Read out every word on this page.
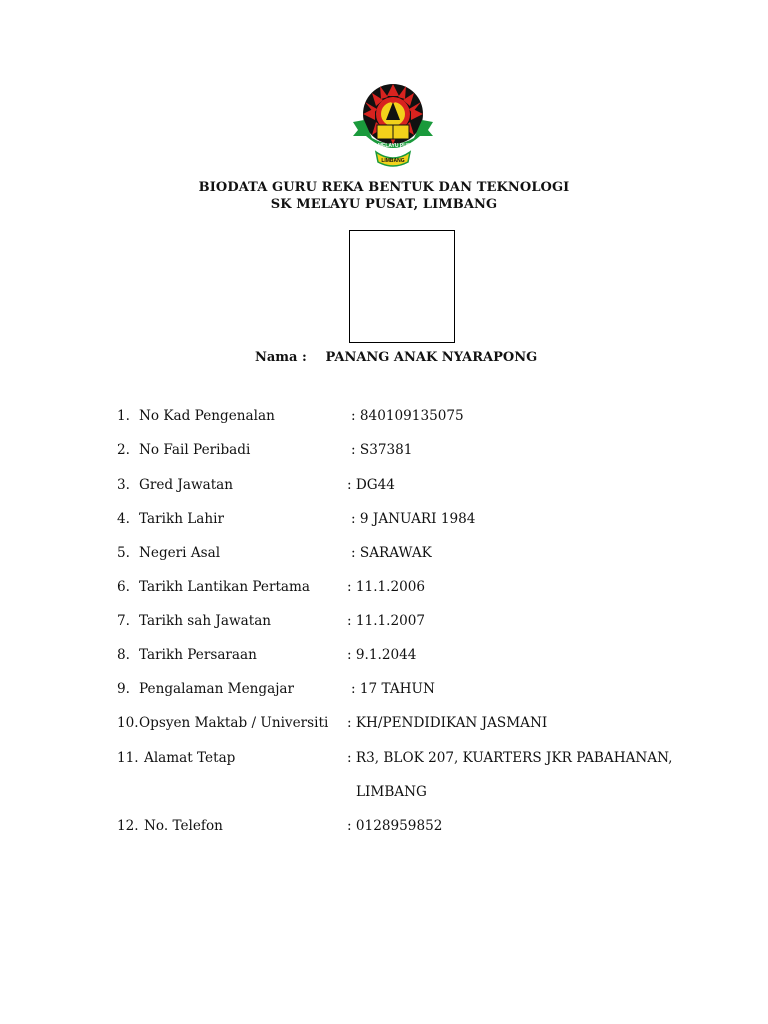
SK MELAYU PUSAT
LIMBANG
BIODATA GURU REKA BENTUK DAN TEKNOLOGI
SK MELAYU PUSAT, LIMBANG
Nama : PANANG ANAK NYARAPONG
1. No Kad Pengenalan	: 840109135075
2. No Fail Peribadi	: S37381
3. Gred Jawatan	: DG44
4. Tarikh Lahir	: 9 JANUARI 1984
5. Negeri Asal	: SARAWAK
6. Tarikh Lantikan Pertama	: 11.1.2006
7. Tarikh sah Jawatan	: 11.1.2007
8. Tarikh Persaraan	: 9.1.2044
9. Pengalaman Mengajar	: 17 TAHUN
10. Opsyen Maktab / Universiti : KH/PENDIDIKAN JASMANI
11. Alamat Tetap	: R3, BLOK 207, KUARTERS JKR PABAHANAN,
LIMBANG
12. No. Telefon	: 0128959852
